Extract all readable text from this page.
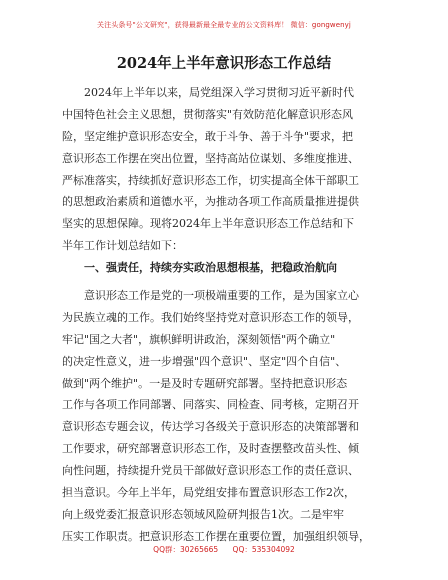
关注头条号"公文研究"，获得最新最全最专业的公文资料库！ 微信：gongwenyj
2024年上半年意识形态工作总结
2024年上半年以来，局党组深入学习贯彻习近平新时代
中国特色社会主义思想，贯彻落实"有效防范化解意识形态风
险，坚定维护意识形态安全，敢于斗争、善于斗争"要求，把
意识形态工作摆在突出位置，坚持高站位谋划、多维度推进、
严标准落实，持续抓好意识形态工作，切实提高全体干部职工
的思想政治素质和道德水平，为推动各项工作高质量推进提供
坚实的思想保障。现将2024年上半年意识形态工作总结和下
半年工作计划总结如下：
一、强责任，持续夯实政治思想根基，把稳政治航向
意识形态工作是党的一项极端重要的工作，是为国家立心
为民族立魂的工作。我们始终坚持党对意识形态工作的领导，
牢记"国之大者"，旗帜鲜明讲政治，深刻领悟"两个确立"
的决定性意义，进一步增强"四个意识"、坚定"四个自信"、
做到"两个维护"。一是及时专题研究部署。坚持把意识形态
工作与各项工作同部署、同落实、同检查、同考核，定期召开
意识形态专题会议，传达学习各级关于意识形态的决策部署和
工作要求，研究部署意识形态工作，及时查摆整改苗头性、倾
向性问题，持续提升党员干部做好意识形态工作的责任意识、
担当意识。今年上半年，局党组安排布置意识形态工作2次，
向上级党委汇报意识形态领域风险研判报告1次。二是牢牢
压实工作职责。把意识形态工作摆在重要位置，加强组织领导，
QQ群：30265665 QQ：535304092
